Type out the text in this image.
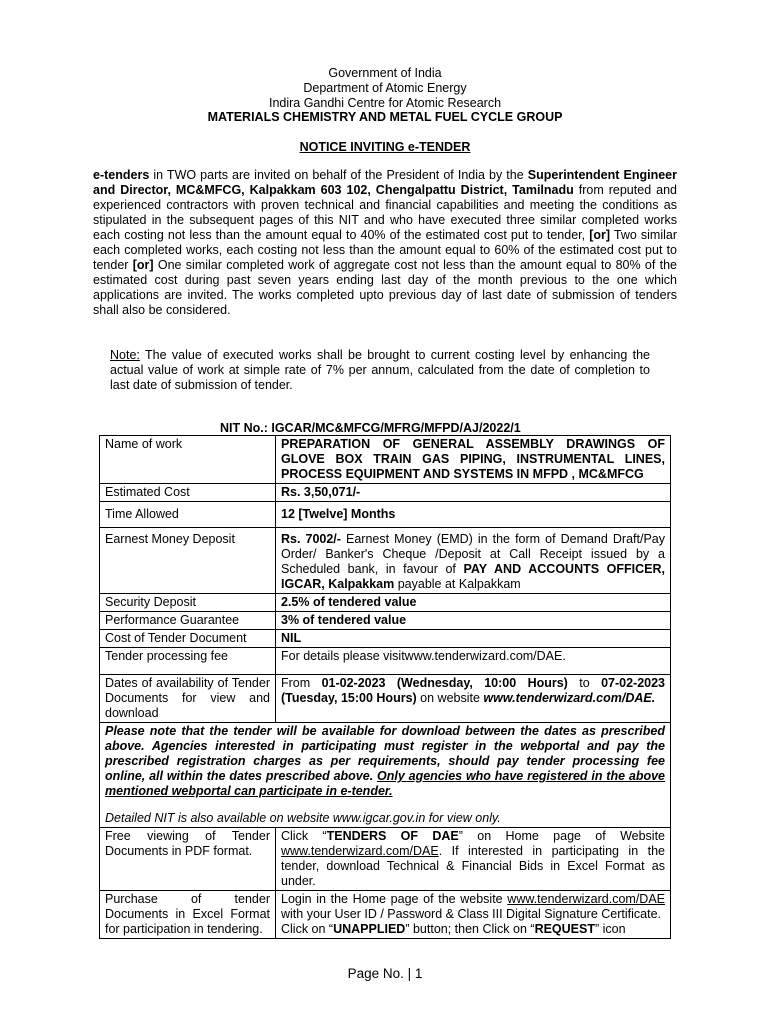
Government of India
Department of Atomic Energy
Indira Gandhi Centre for Atomic Research
MATERIALS CHEMISTRY AND METAL FUEL CYCLE GROUP
NOTICE INVITING e-TENDER
e-tenders in TWO parts are invited on behalf of the President of India by the Superintendent Engineer and Director, MC&MFCG, Kalpakkam 603 102, Chengalpattu District, Tamilnadu from reputed and experienced contractors with proven technical and financial capabilities and meeting the conditions as stipulated in the subsequent pages of this NIT and who have executed three similar completed works each costing not less than the amount equal to 40% of the estimated cost put to tender, [or] Two similar each completed works, each costing not less than the amount equal to 60% of the estimated cost put to tender [or] One similar completed work of aggregate cost not less than the amount equal to 80% of the estimated cost during past seven years ending last day of the month previous to the one which applications are invited. The works completed upto previous day of last date of submission of tenders shall also be considered.
Note: The value of executed works shall be brought to current costing level by enhancing the actual value of work at simple rate of 7% per annum, calculated from the date of completion to last date of submission of tender.
NIT No.: IGCAR/MC&MFCG/MFRG/MFPD/AJ/2022/1
Name of work	PREPARATION OF GENERAL ASSEMBLY DRAWINGS OF GLOVE BOX TRAIN GAS PIPING, INSTRUMENTAL LINES, PROCESS EQUIPMENT AND SYSTEMS IN MFPD , MC&MFCG
Estimated Cost	Rs. 3,50,071/-
Time Allowed	12 [Twelve] Months
Earnest Money Deposit	Rs. 7002/- Earnest Money (EMD) in the form of Demand Draft/Pay Order/ Banker's Cheque /Deposit at Call Receipt issued by a Scheduled bank, in favour of PAY AND ACCOUNTS OFFICER, IGCAR, Kalpakkam payable at Kalpakkam
Security Deposit	2.5% of tendered value
Performance Guarantee	3% of tendered value
Cost of Tender Document	NIL
Tender processing fee	For details please visitwww.tenderwizard.com/DAE.
Dates of availability of Tender Documents for view and download	From 01-02-2023 (Wednesday, 10:00 Hours) to 07-02-2023 (Tuesday, 15:00 Hours) on website www.tenderwizard.com/DAE.
Please note that the tender will be available for download between the dates as prescribed above. Agencies interested in participating must register in the webportal and pay the prescribed registration charges as per requirements, should pay tender processing fee online, all within the dates prescribed above. Only agencies who have registered in the above mentioned webportal can participate in e-tender.
Detailed NIT is also available on website www.igcar.gov.in for view only.	

Free viewing of Tender Documents in PDF format.	Click “TENDERS OF DAE” on Home page of Website www.tenderwizard.com/DAE. If interested in participating in the tender, download Technical & Financial Bids in Excel Format as under.
Purchase of tender Documents in Excel Format for participation in tendering.	Login in the Home page of the website www.tenderwizard.com/DAE with your User ID / Password & Class III Digital Signature Certificate.
Click on “UNAPPLIED” button; then Click on “REQUEST” icon
Page No. | 1
